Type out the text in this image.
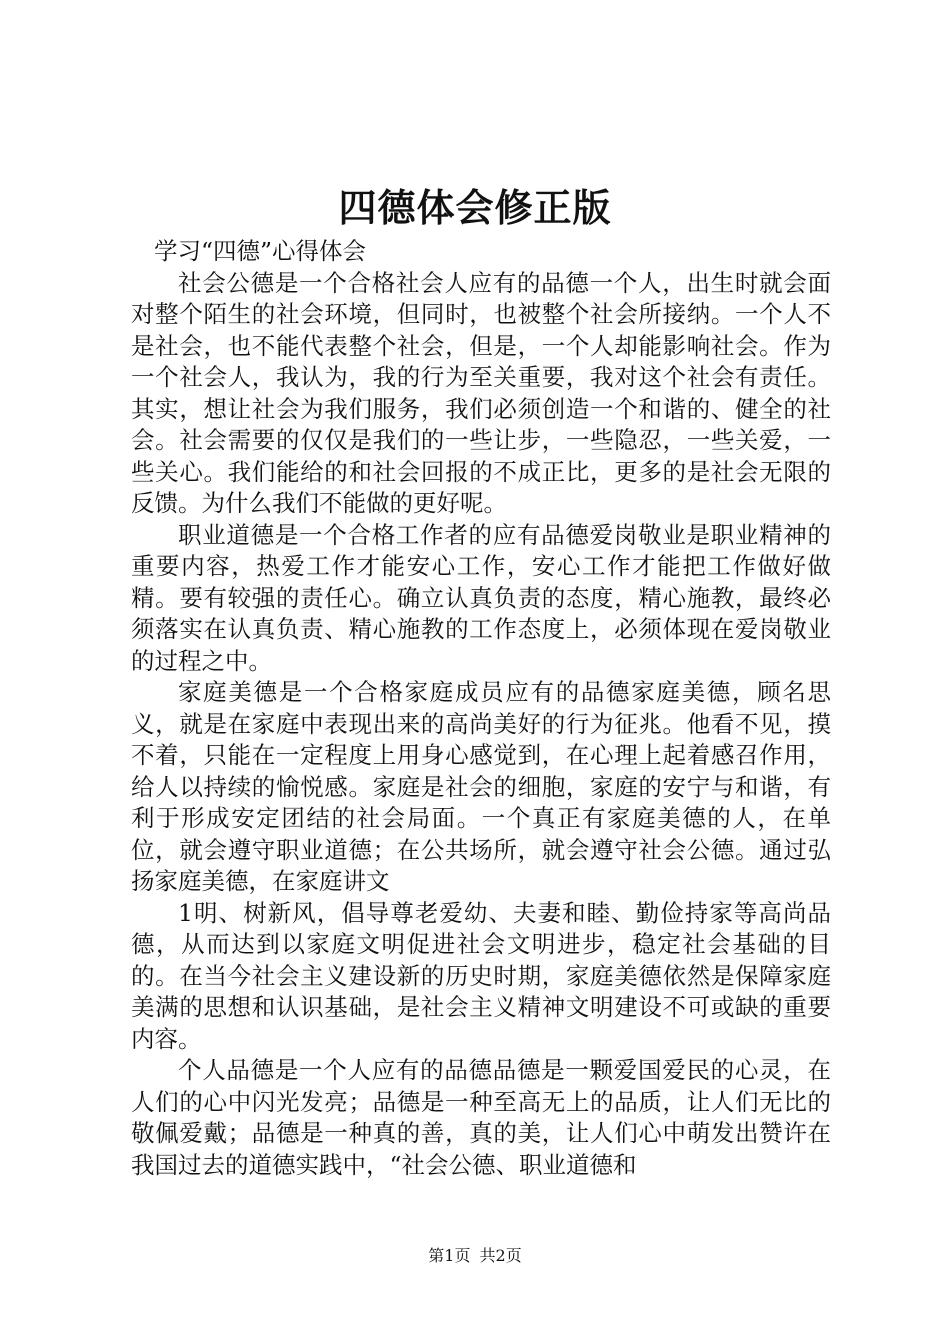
四德体会修正版

学习“四德”心得体会

社会公德是一个合格社会人应有的品德一个人，出生时就会面对整个陌生的社会环境，但同时，也被整个社会所接纳。一个人不是社会，也不能代表整个社会，但是，一个人却能影响社会。作为一个社会人，我认为，我的行为至关重要，我对这个社会有责任。其实，想让社会为我们服务，我们必须创造一个和谐的、健全的社会。社会需要的仅仅是我们的一些让步，一些隐忍，一些关爱，一些关心。我们能给的和社会回报的不成正比，更多的是社会无限的反馈。为什么我们不能做的更好呢。

职业道德是一个合格工作者的应有品德爱岗敬业是职业精神的重要内容，热爱工作才能安心工作，安心工作才能把工作做好做精。要有较强的责任心。确立认真负责的态度，精心施教，最终必须落实在认真负责、精心施教的工作态度上，必须体现在爱岗敬业的过程之中。

家庭美德是一个合格家庭成员应有的品德家庭美德，顾名思义，就是在家庭中表现出来的高尚美好的行为征兆。他看不见，摸不着，只能在一定程度上用身心感觉到，在心理上起着感召作用，给人以持续的愉悦感。家庭是社会的细胞，家庭的安宁与和谐，有利于形成安定团结的社会局面。一个真正有家庭美德的人，在单位，就会遵守职业道德；在公共场所，就会遵守社会公德。通过弘扬家庭美德，在家庭讲文

1明、树新风，倡导尊老爱幼、夫妻和睦、勤俭持家等高尚品德，从而达到以家庭文明促进社会文明进步，稳定社会基础的目的。在当今社会主义建设新的历史时期，家庭美德依然是保障家庭美满的思想和认识基础，是社会主义精神文明建设不可或缺的重要内容。

个人品德是一个人应有的品德品德是一颗爱国爱民的心灵，在人们的心中闪光发亮；品德是一种至高无上的品质，让人们无比的敬佩爱戴；品德是一种真的善，真的美，让人们心中萌发出赞许在我国过去的道德实践中，“社会公德、职业道德和

第1页 共2页
